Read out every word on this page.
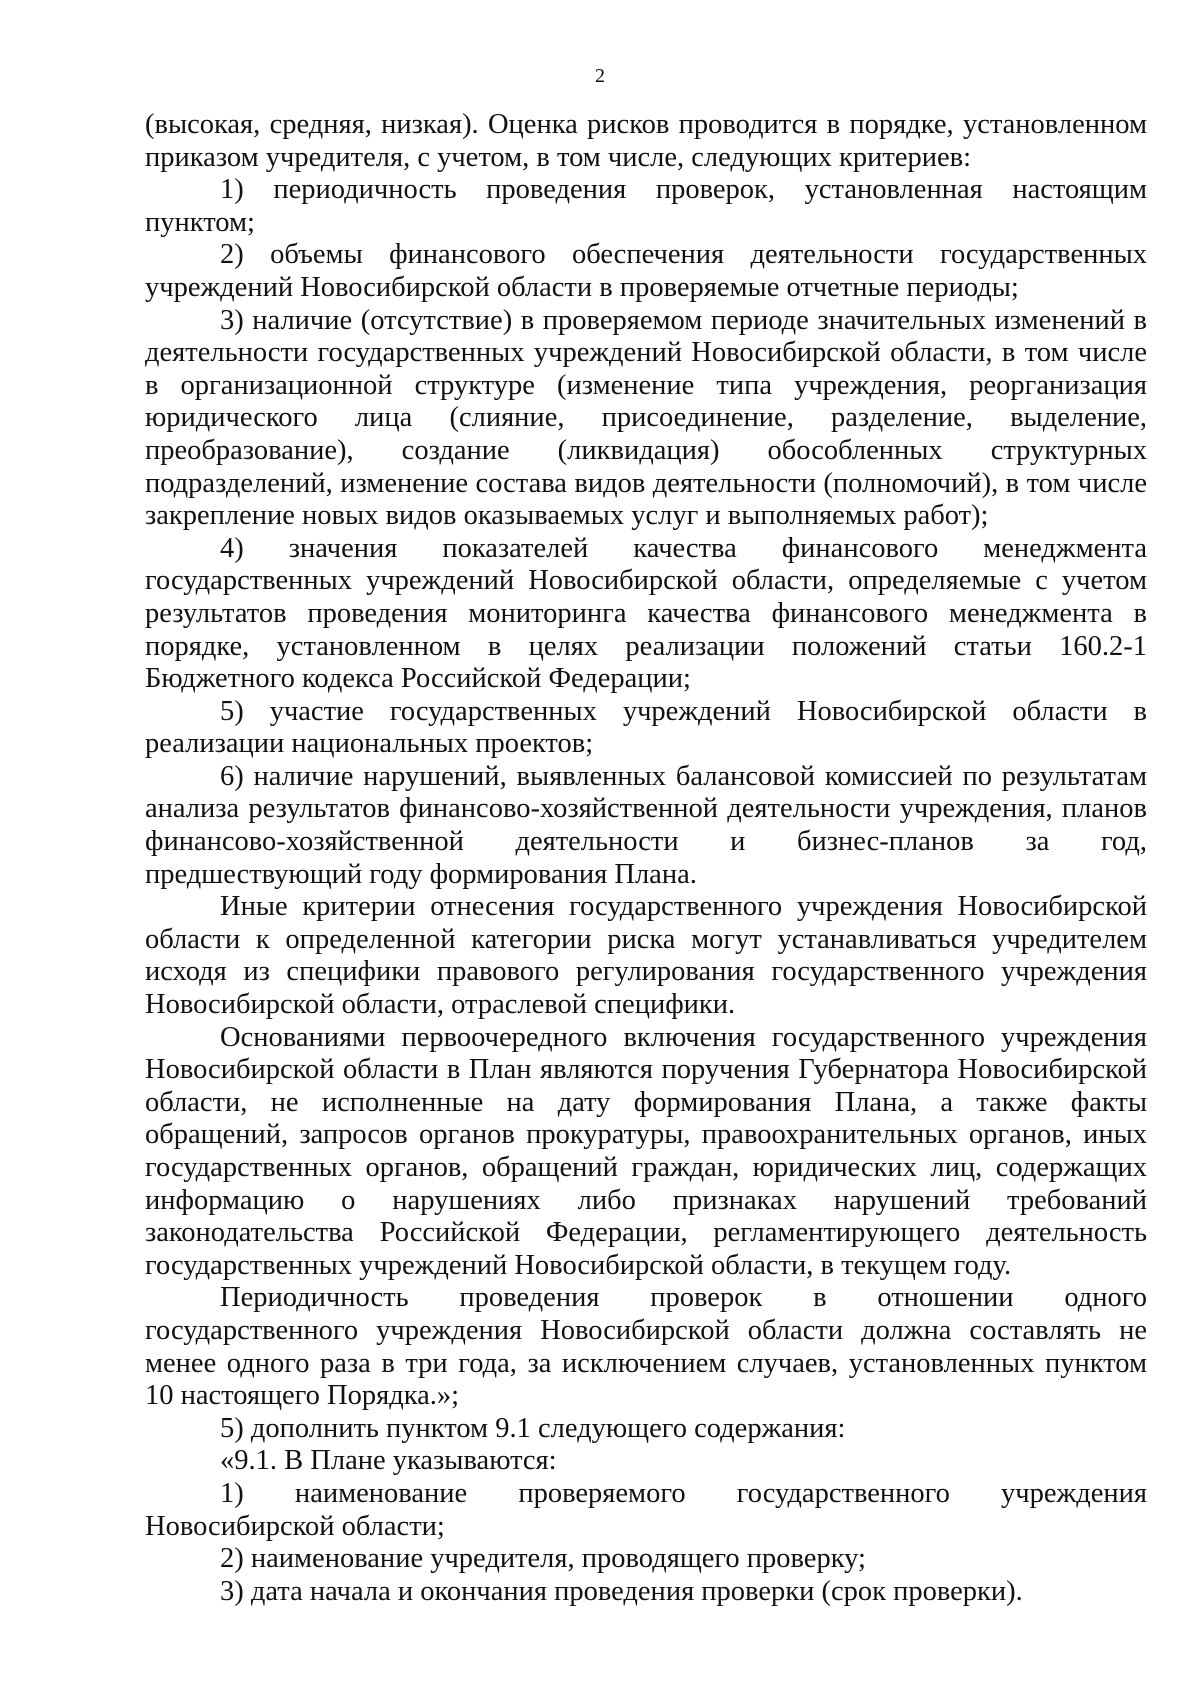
2

(высокая, средняя, низкая). Оценка рисков проводится в порядке, установленном приказом учредителя, с учетом, в том числе, следующих критериев:

1) периодичность проведения проверок, установленная настоящим пунктом;

2) объемы финансового обеспечения деятельности государственных учреждений Новосибирской области в проверяемые отчетные периоды;

3) наличие (отсутствие) в проверяемом периоде значительных изменений в деятельности государственных учреждений Новосибирской области, в том числе в организационной структуре (изменение типа учреждения, реорганизация юридического лица (слияние, присоединение, разделение, выделение, преобразование), создание (ликвидация) обособленных структурных подразделений, изменение состава видов деятельности (полномочий), в том числе закрепление новых видов оказываемых услуг и выполняемых работ);

4) значения показателей качества финансового менеджмента государственных учреждений Новосибирской области, определяемые с учетом результатов проведения мониторинга качества финансового менеджмента в порядке, установленном в целях реализации положений статьи 160.2-1 Бюджетного кодекса Российской Федерации;

5) участие государственных учреждений Новосибирской области в реализации национальных проектов;

6) наличие нарушений, выявленных балансовой комиссией по результатам анализа результатов финансово-хозяйственной деятельности учреждения, планов финансово-хозяйственной деятельности и бизнес-планов за год, предшествующий году формирования Плана.

Иные критерии отнесения государственного учреждения Новосибирской области к определенной категории риска могут устанавливаться учредителем исходя из специфики правового регулирования государственного учреждения Новосибирской области, отраслевой специфики.

Основаниями первоочередного включения государственного учреждения Новосибирской области в План являются поручения Губернатора Новосибирской области, не исполненные на дату формирования Плана, а также факты обращений, запросов органов прокуратуры, правоохранительных органов, иных государственных органов, обращений граждан, юридических лиц, содержащих информацию о нарушениях либо признаках нарушений требований законодательства Российской Федерации, регламентирующего деятельность государственных учреждений Новосибирской области, в текущем году.

Периодичность проведения проверок в отношении одного государственного учреждения Новосибирской области должна составлять не менее одного раза в три года, за исключением случаев, установленных пунктом 10 настоящего Порядка.»;

5) дополнить пунктом 9.1 следующего содержания:

«9.1. В Плане указываются:

1) наименование проверяемого государственного учреждения Новосибирской области;

2) наименование учредителя, проводящего проверку;

3) дата начала и окончания проведения проверки (срок проверки).
